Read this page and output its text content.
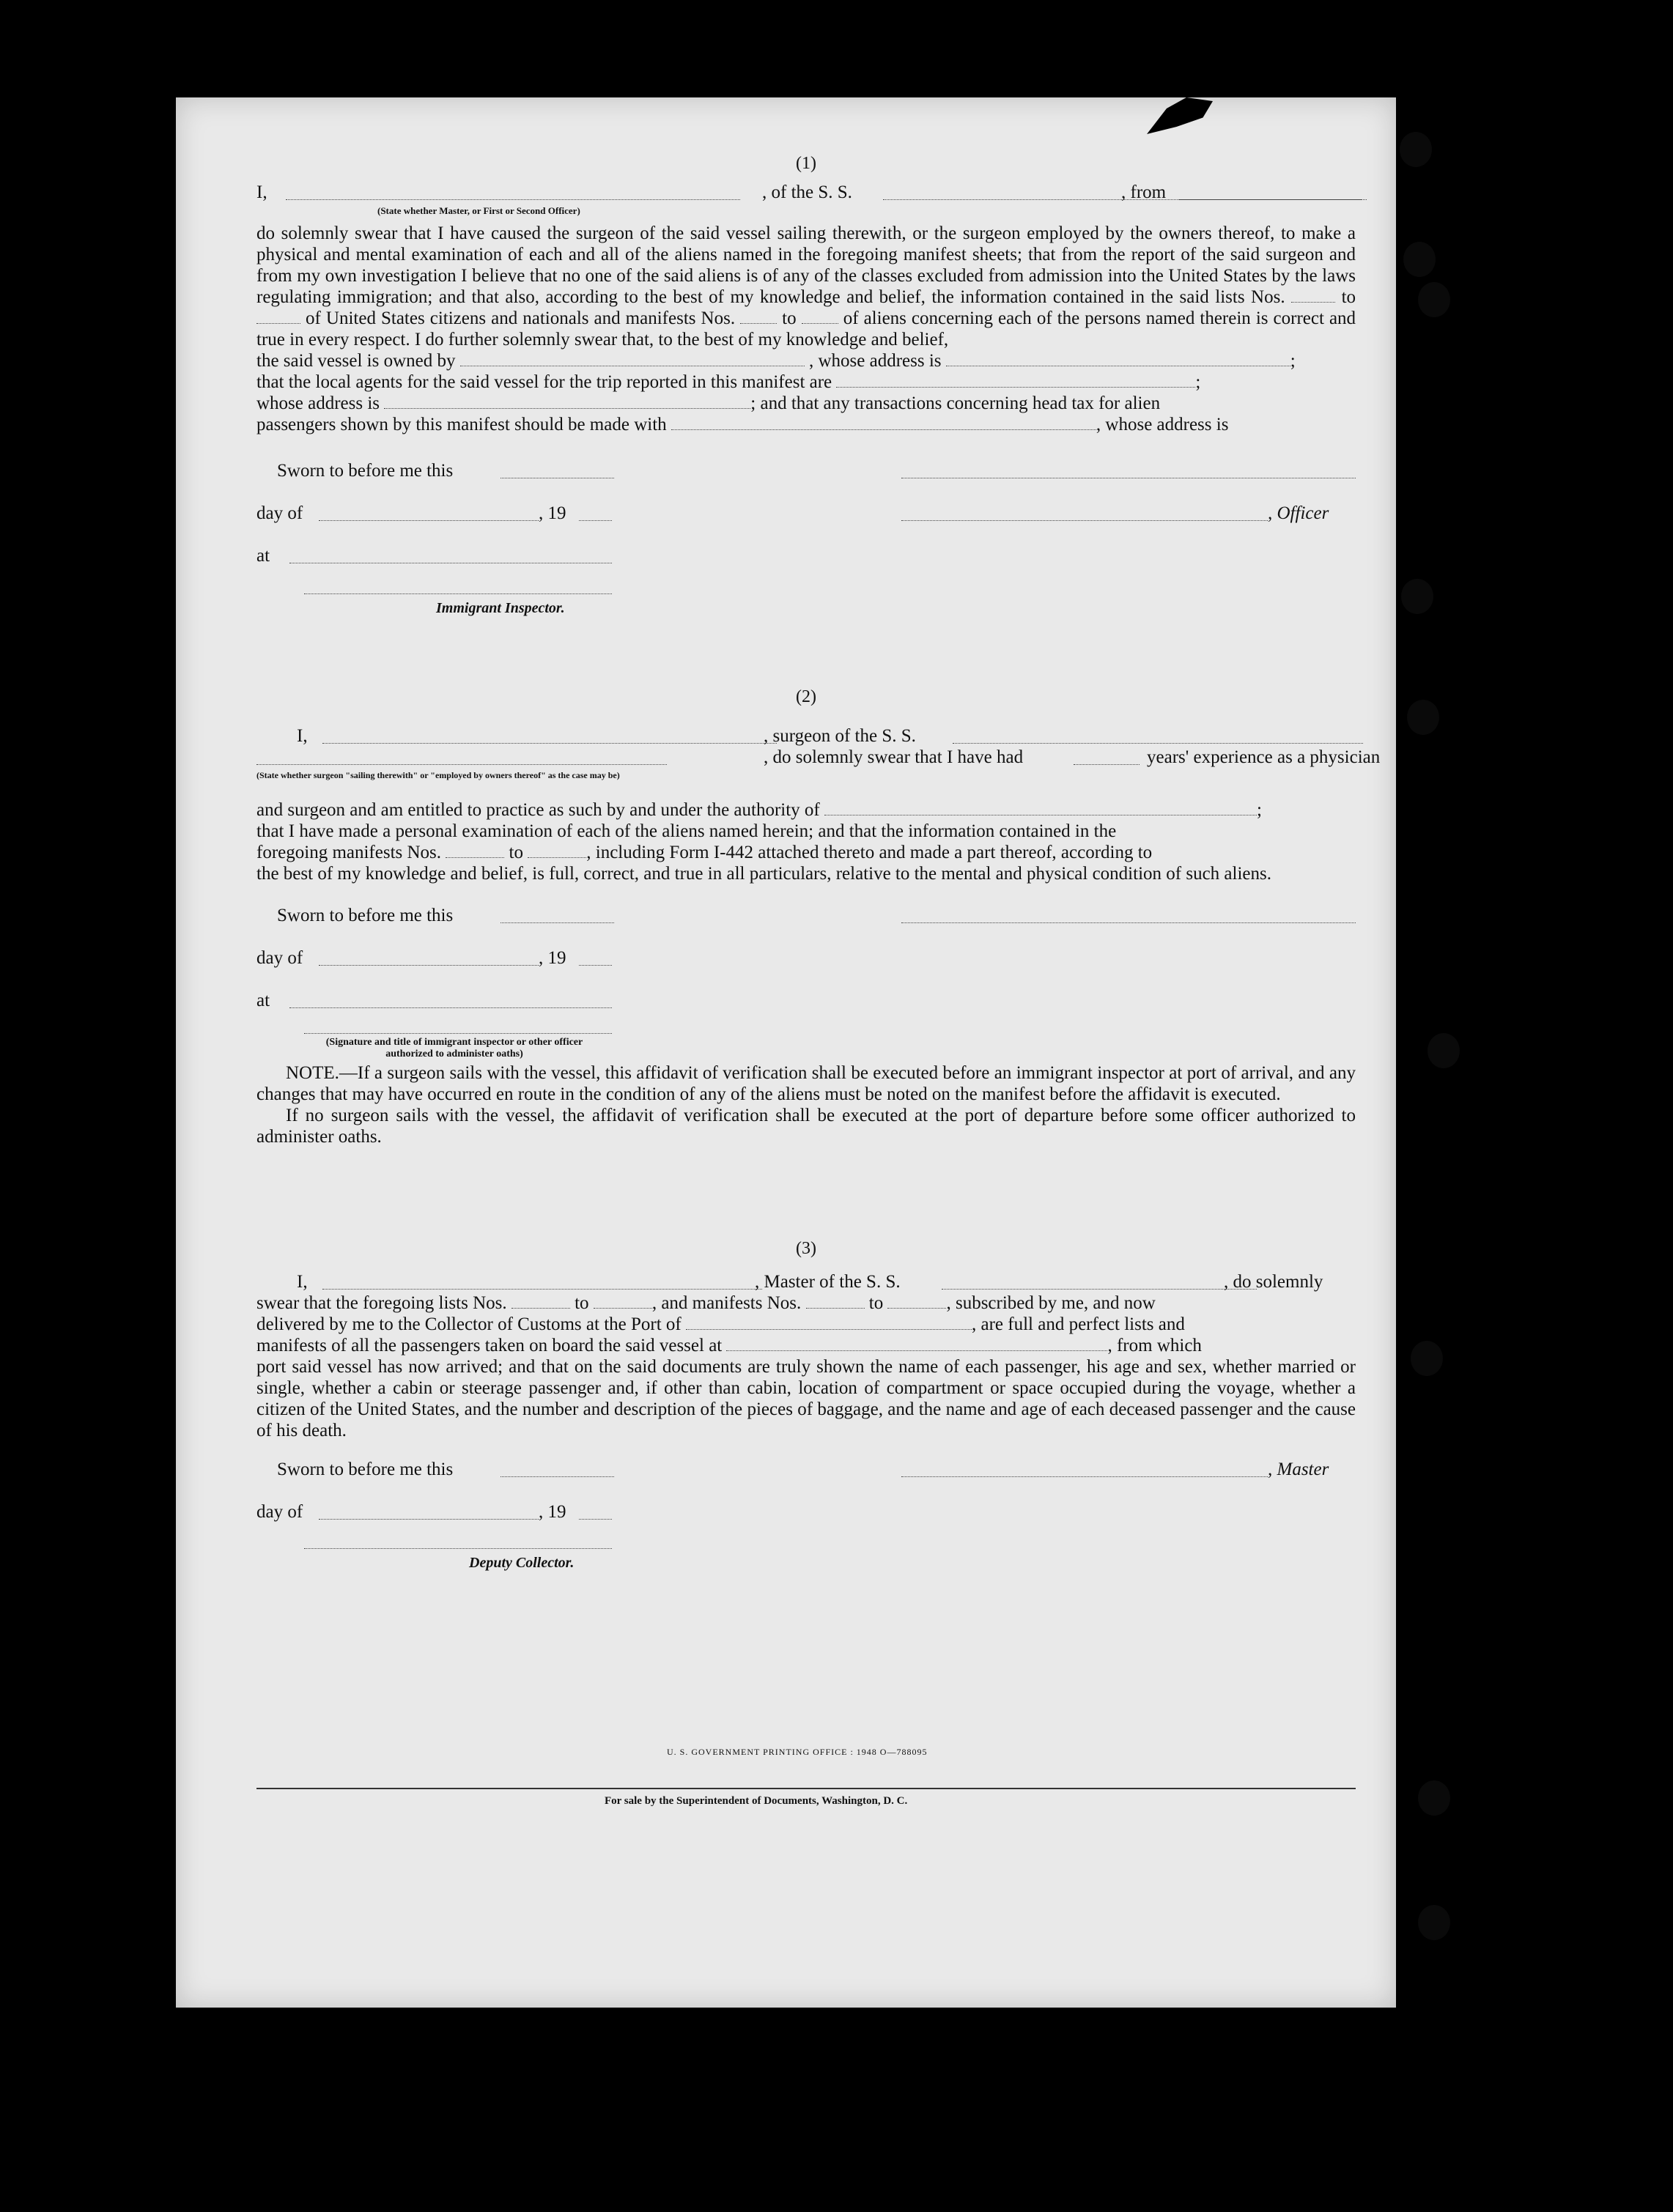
(1)
I,	, of the S. S.	, from
(State whether Master, or First or Second Officer)
do solemnly swear that I have caused the surgeon of the said vessel sailing therewith, or the surgeon employed by the owners thereof, to make a physical and mental examination of each and all of the aliens named in the foregoing manifest sheets; that from the report of the said surgeon and from my own investigation I believe that no one of the said aliens is of any of the classes excluded from admission into the United States by the laws regulating immigration; and that also, according to the best of my knowledge and belief, the information contained in the said lists Nos.	to  of United States citizens and nationals and manifests Nos.	to	of aliens concerning each of the persons named therein is correct and true in every respect. I do further solemnly swear that, to the best of my knowledge and belief,
the said vessel is owned by	, whose address is	;
that the local agents for the said vessel for the trip reported in this manifest are	;
whose address is	; and that any transactions concerning head tax for alien
passengers shown by this manifest should be made with	, whose address is
Sworn to before me this
day of	, 19	, Officer
at
Immigrant Inspector.
(2)
I,	, surgeon of the S. S.
, do solemnly swear that I have had	years' experience as a physician
(State whether surgeon "sailing therewith" or "employed by owners thereof" as the case may be)
and surgeon and am entitled to practice as such by and under the authority of	;
that I have made a personal examination of each of the aliens named herein; and that the information contained in the
foregoing manifests Nos.	to	, including Form I-442 attached thereto and made a part thereof, according to
the best of my knowledge and belief, is full, correct, and true in all particulars, relative to the mental and physical condition of such aliens.
Sworn to before me this
day of	, 19
at
(Signature and title of immigrant inspector or other officer authorized to administer oaths)
NOTE.—If a surgeon sails with the vessel, this affidavit of verification shall be executed before an immigrant inspector at port of arrival, and any changes that may have occurred en route in the condition of any of the aliens must be noted on the manifest before the affidavit is executed.
If no surgeon sails with the vessel, the affidavit of verification shall be executed at the port of departure before some officer authorized to administer oaths.
(3)
I,	, Master of the S. S.	, do solemnly
swear that the foregoing lists Nos.	to	, and manifests Nos.	to	, subscribed by me, and now
delivered by me to the Collector of Customs at the Port of	, are full and perfect lists and
manifests of all the passengers taken on board the said vessel at	, from which
port said vessel has now arrived; and that on the said documents are truly shown the name of each passenger, his age and sex, whether married or single, whether a cabin or steerage passenger and, if other than cabin, location of compartment or space occupied during the voyage, whether a citizen of the United States, and the number and description of the pieces of baggage, and the name and age of each deceased passenger and the cause of his death.
Sworn to before me this	, Master
day of	, 19
Deputy Collector.
U. S. GOVERNMENT PRINTING OFFICE : 1948 O—788095
For sale by the Superintendent of Documents, Washington, D. C.
